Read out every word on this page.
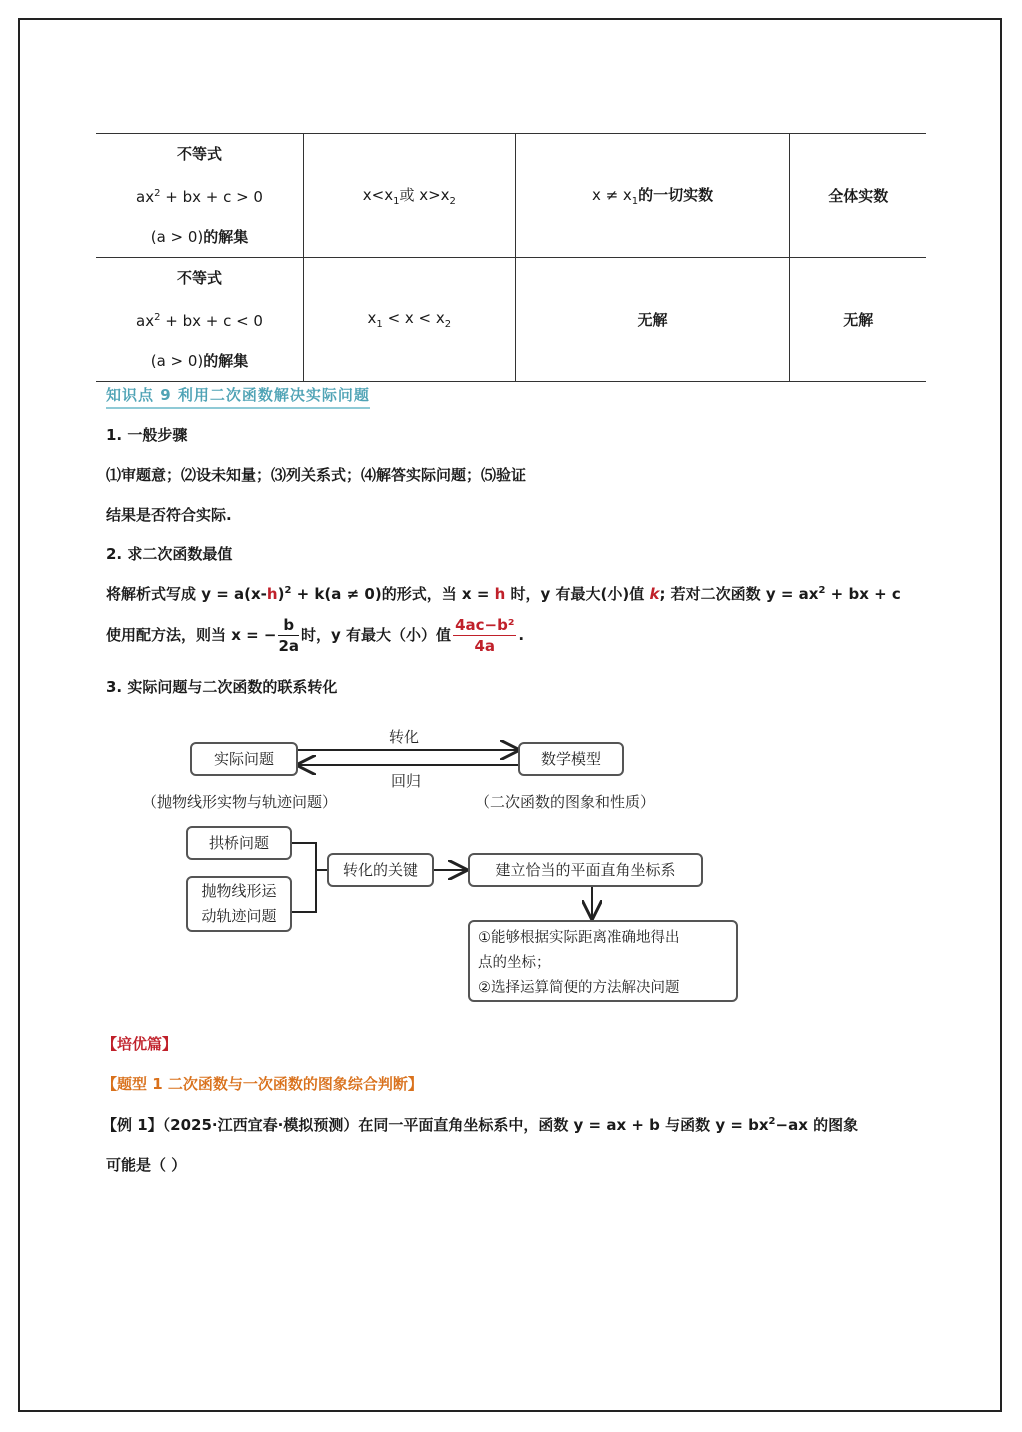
不等式
$ax^2$ + bx + c > 0
(a > 0)的解集	$x<x_1$或 $x>x_2$	$x \ne x_1$的一切实数	全体实数

不等式
$ax^2$ + bx + c < 0
(a > 0)的解集	$x_1 < x < x_2$	无解	无解
知识点 9 利用二次函数解决实际问题
1. 一般步骤
⑴审题意；⑵设未知量；⑶列关系式；⑷解答实际问题；⑸验证
结果是否符合实际.
2. 求二次函数最值
将解析式写成 $y = a(x-h)^2 + k(a \ne 0)$的形式，当 x = h 时，y 有最大(小)值 k; 若对二次函数 $y = ax^2$ + bx + c
使用配方法，则当 x = − $\frac{b}{2a}$ 时，y 有最大（小）值 $\frac{\text{4ac−b²}}{4a}$ .
3. 实际问题与二次函数的联系转化
实际问题	数学模型
转化
回归
（抛物线形实物与轨迹问题）	（二次函数的图象和性质）
拱桥问题
抛物线形运
动轨迹问题
转化的关键	建立恰当的平面直角坐标系
①能够根据实际距离准确地得出
点的坐标；
②选择运算简便的方法解决问题
【培优篇】
【题型 1 二次函数与一次函数的图象综合判断】
【例 1】（2025·江西宜春·模拟预测）在同一平面直角坐标系中，函数 y = ax + b 与函数 $y = bx^2-ax$ 的图象
可能是（ ）
